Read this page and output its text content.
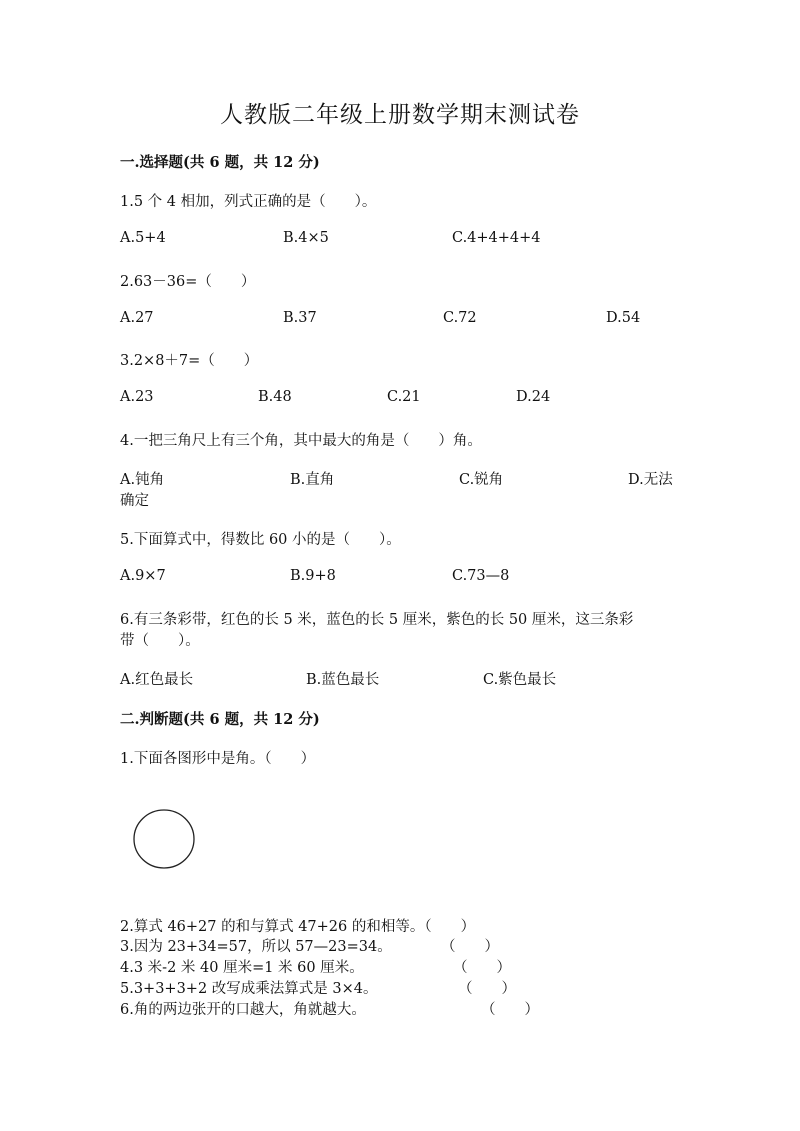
人教版二年级上册数学期末测试卷
一.选择题(共 6 题，共 12 分)
1.5 个 4 相加，列式正确的是（　　）。
A.5+4	B.4×5	C.4+4+4+4
2.63－36=（　　）
A.27	B.37	C.72	D.54
3.2×8＋7=（　　）
A.23	B.48	C.21	D.24
4.一把三角尺上有三个角，其中最大的角是（　　）角。
A.钝角	B.直角	C.锐角	D.无法
确定
5.下面算式中，得数比 60 小的是（　　）。
A.9×7	B.9+8	C.73—8
6.有三条彩带，红色的长 5 米，蓝色的长 5 厘米，紫色的长 50 厘米，这三条彩
带（　　）。
A.红色最长	B.蓝色最长	C.紫色最长
二.判断题(共 6 题，共 12 分)
1.下面各图形中是角。（　　）
2.算式 46+27 的和与算式 47+26 的和相等。（　　）
3.因为 23+34=57，所以 57—23=34。	（　　）
4.3 米-2 米 40 厘米=1 米 60 厘米。	（　　）
5.3+3+3+2 改写成乘法算式是 3×4。	（　　）
6.角的两边张开的口越大，角就越大。	（　　）
